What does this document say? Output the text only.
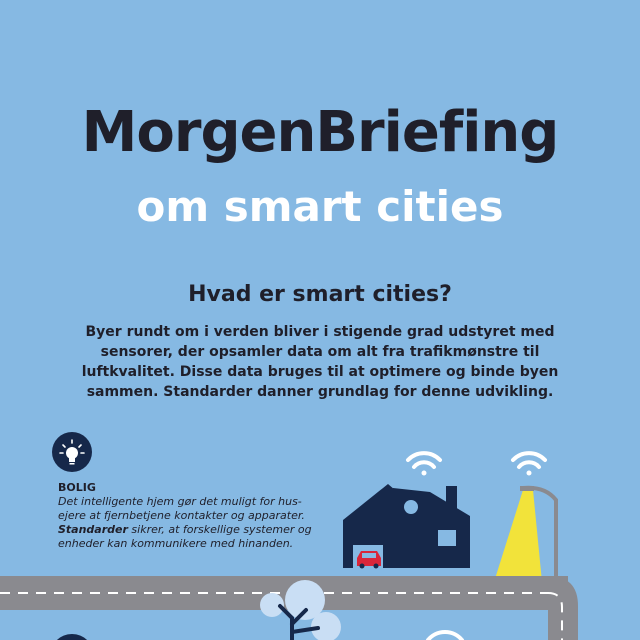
MorgenBriefing
om smart cities
Hvad er smart cities?

Byer rundt om i verden bliver i stigende grad udstyret med sensorer, der opsamler data om alt fra trafikmønstre til luftkvalitet. Disse data bruges til at optimere og binde byen sammen. Standarder danner grundlag for denne udvikling.

BOLIG
Det intelligente hjem gør det muligt for hus-ejere at fjernbetjene kontakter og apparater. Standarder sikrer, at forskellige systemer og enheder kan kommunikere med hinanden.
